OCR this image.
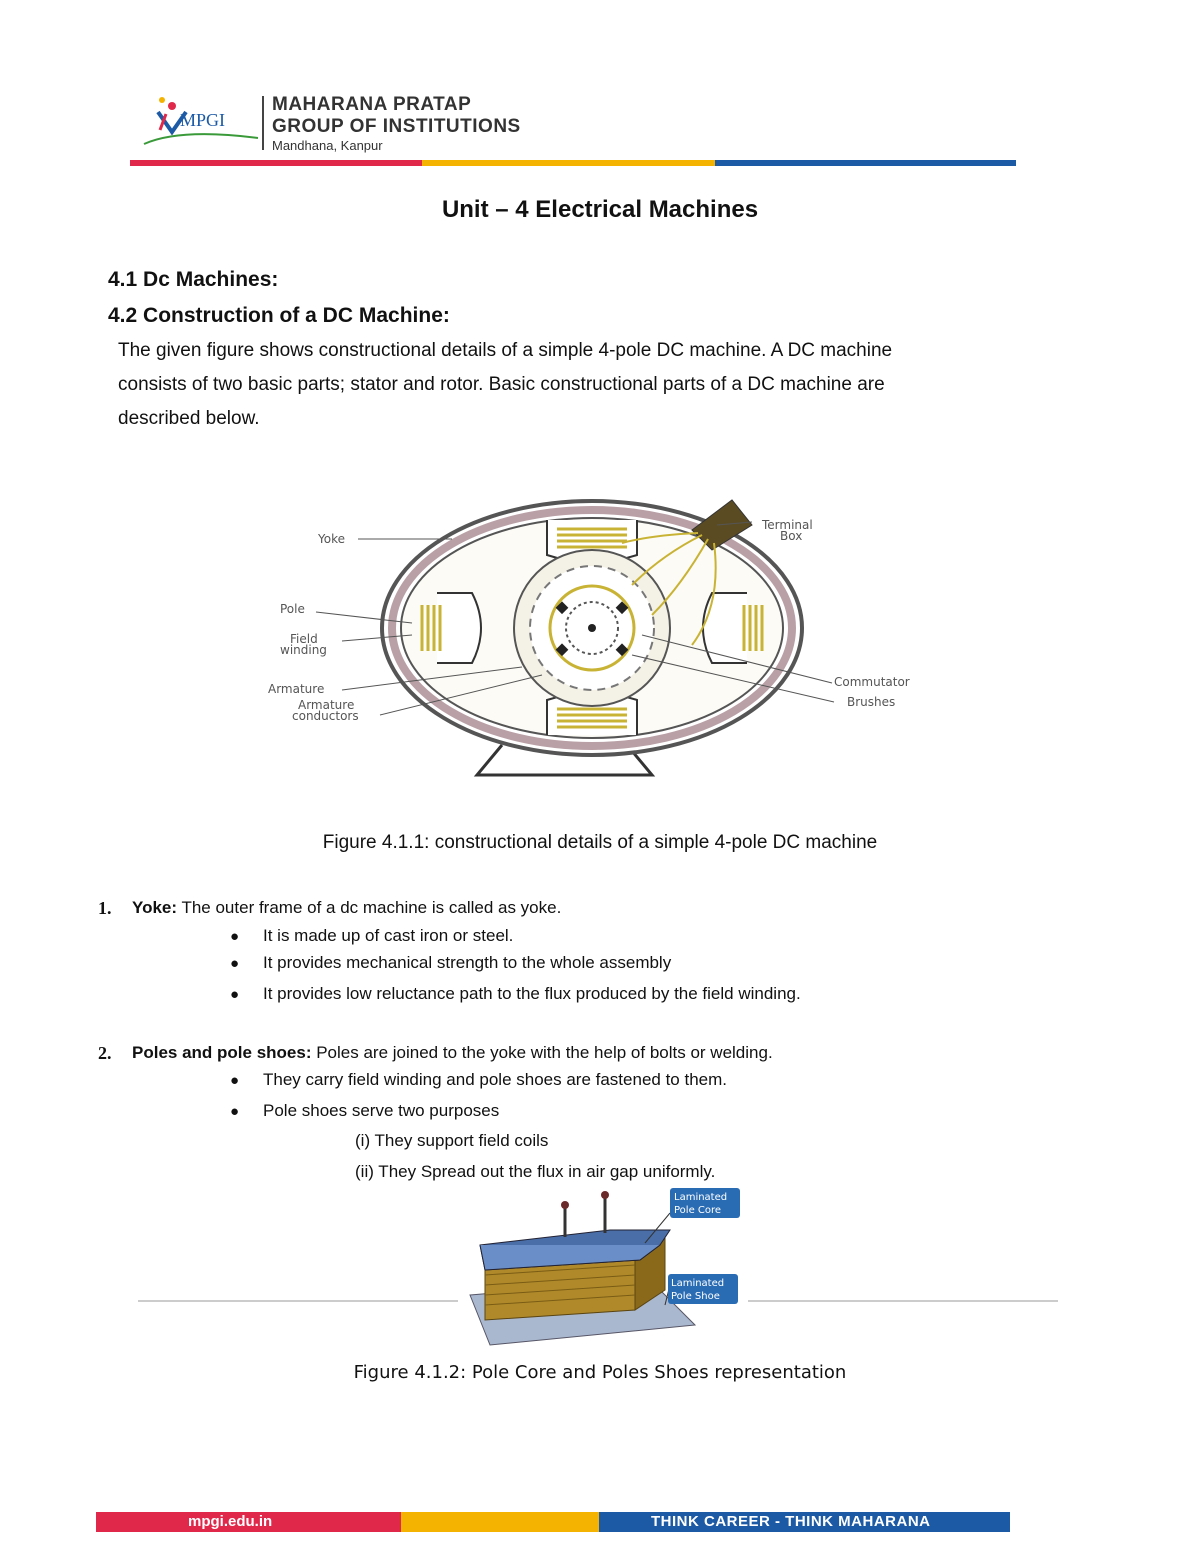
MPGI
MAHARANA PRATAP
GROUP OF INSTITUTIONS
Mandhana, Kanpur
Unit – 4 Electrical Machines
4.1 Dc Machines:
4.2 Construction of a DC Machine:
The given figure shows constructional details of a simple 4-pole DC machine. A DC machine
consists of two basic parts; stator and rotor. Basic constructional parts of a DC machine are
described below.
Yoke
Pole
Field
winding
Armature
Armature
conductors
Terminal
Box
Commutator
Brushes
Figure 4.1.1: constructional details of a simple 4-pole DC machine
1. Yoke: The outer frame of a dc machine is called as yoke.
● It is made up of cast iron or steel.
● It provides mechanical strength to the whole assembly
● It provides low reluctance path to the flux produced by the field winding.
2. Poles and pole shoes: Poles are joined to the yoke with the help of bolts or welding.
● They carry field winding and pole shoes are fastened to them.
● Pole shoes serve two purposes
(i) They support field coils
(ii) They Spread out the flux in air gap uniformly.
Laminated
Pole Core
Laminated
Pole Shoe
Figure 4.1.2: Pole Core and Poles Shoes representation
mpgi.edu.in	THINK CAREER - THINK MAHARANA
